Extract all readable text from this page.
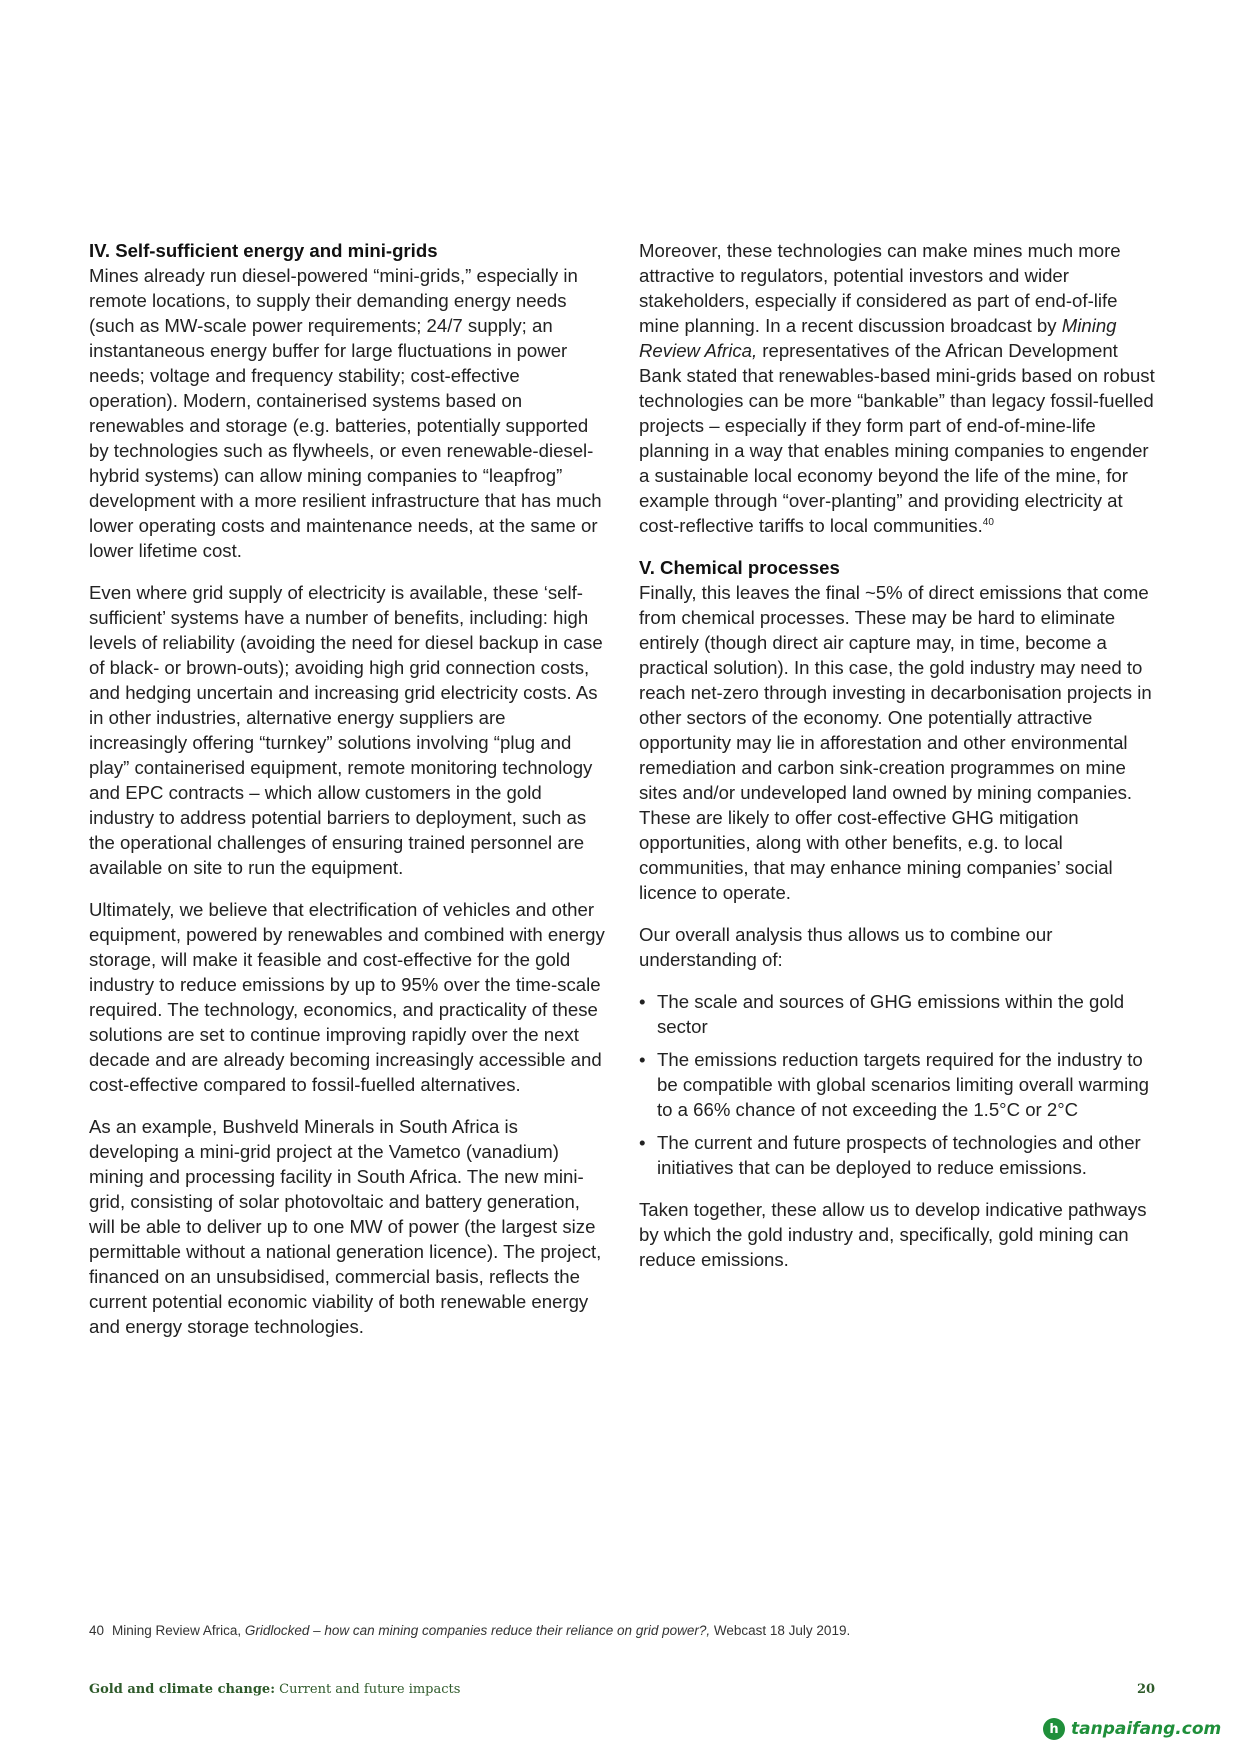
IV. Self-sufficient energy and mini-grids

Mines already run diesel-powered “mini-grids,” especially in remote locations, to supply their demanding energy needs (such as MW-scale power requirements; 24/7 supply; an instantaneous energy buffer for large fluctuations in power needs; voltage and frequency stability; cost-effective operation). Modern, containerised systems based on renewables and storage (e.g. batteries, potentially supported by technologies such as flywheels, or even renewable-diesel-hybrid systems) can allow mining companies to “leapfrog” development with a more resilient infrastructure that has much lower operating costs and maintenance needs, at the same or lower lifetime cost.

Even where grid supply of electricity is available, these ‘self-sufficient’ systems have a number of benefits, including: high levels of reliability (avoiding the need for diesel backup in case of black- or brown-outs); avoiding high grid connection costs, and hedging uncertain and increasing grid electricity costs. As in other industries, alternative energy suppliers are increasingly offering “turnkey” solutions involving “plug and play” containerised equipment, remote monitoring technology and EPC contracts – which allow customers in the gold industry to address potential barriers to deployment, such as the operational challenges of ensuring trained personnel are available on site to run the equipment.

Ultimately, we believe that electrification of vehicles and other equipment, powered by renewables and combined with energy storage, will make it feasible and cost-effective for the gold industry to reduce emissions by up to 95% over the time-scale required. The technology, economics, and practicality of these solutions are set to continue improving rapidly over the next decade and are already becoming increasingly accessible and cost-effective compared to fossil-fuelled alternatives.

As an example, Bushveld Minerals in South Africa is developing a mini-grid project at the Vametco (vanadium) mining and processing facility in South Africa. The new mini-grid, consisting of solar photovoltaic and battery generation, will be able to deliver up to one MW of power (the largest size permittable without a national generation licence). The project, financed on an unsubsidised, commercial basis, reflects the current potential economic viability of both renewable energy and energy storage technologies.

Moreover, these technologies can make mines much more attractive to regulators, potential investors and wider stakeholders, especially if considered as part of end-of-life mine planning. In a recent discussion broadcast by Mining Review Africa, representatives of the African Development Bank stated that renewables-based mini-grids based on robust technologies can be more “bankable” than legacy fossil-fuelled projects – especially if they form part of end-of-mine-life planning in a way that enables mining companies to engender a sustainable local economy beyond the life of the mine, for example through “over-planting” and providing electricity at cost-reflective tariffs to local communities.$^{40}$

V. Chemical processes

Finally, this leaves the final ~5% of direct emissions that come from chemical processes. These may be hard to eliminate entirely (though direct air capture may, in time, become a practical solution). In this case, the gold industry may need to reach net-zero through investing in decarbonisation projects in other sectors of the economy. One potentially attractive opportunity may lie in afforestation and other environmental remediation and carbon sink-creation programmes on mine sites and/or undeveloped land owned by mining companies. These are likely to offer cost-effective GHG mitigation opportunities, along with other benefits, e.g. to local communities, that may enhance mining companies’ social licence to operate.

Our overall analysis thus allows us to combine our understanding of:

• The scale and sources of GHG emissions within the gold sector
• The emissions reduction targets required for the industry to be compatible with global scenarios limiting overall warming to a 66% chance of not exceeding the 1.5°C or 2°C
• The current and future prospects of technologies and other initiatives that can be deployed to reduce emissions.

Taken together, these allow us to develop indicative pathways by which the gold industry and, specifically, gold mining can reduce emissions.

40 Mining Review Africa, Gridlocked – how can mining companies reduce their reliance on grid power?, Webcast 18 July 2019.
Gold and climate change: Current and future impacts	20
h tanpaifang.com
